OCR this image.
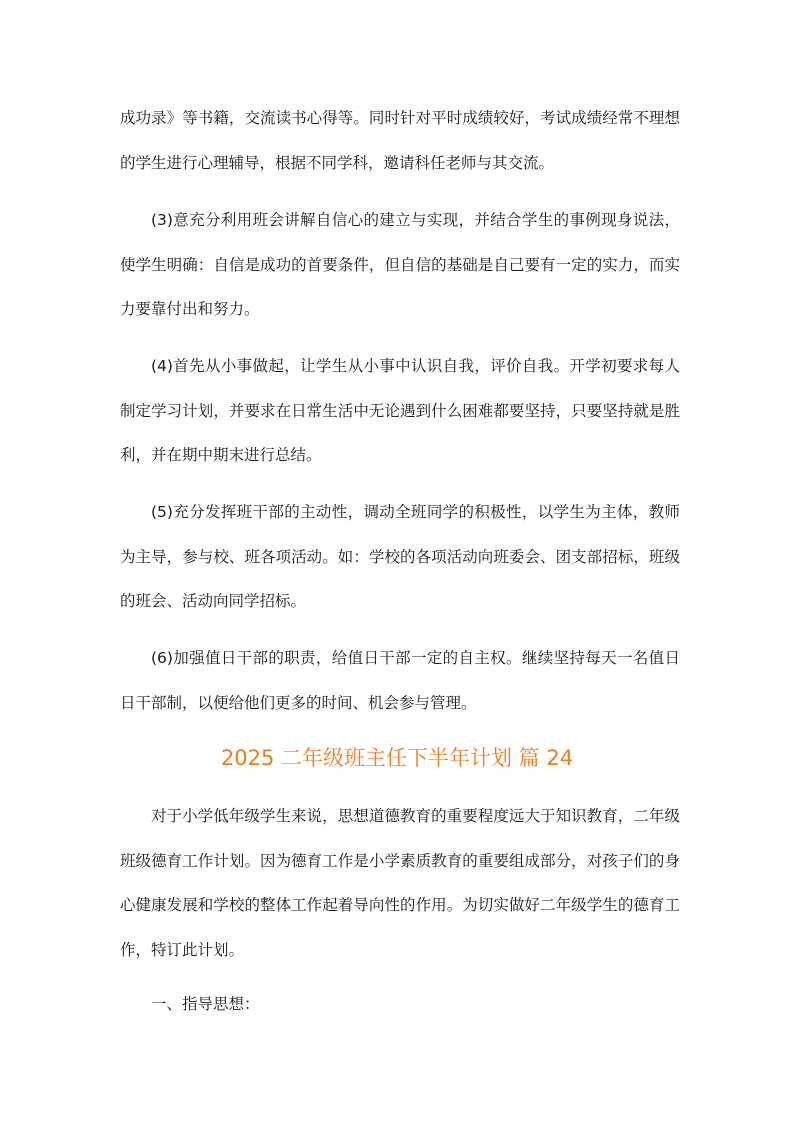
成功录》等书籍，交流读书心得等。同时针对平时成绩较好，考试成绩经常不理想的学生进行心理辅导，根据不同学科，邀请科任老师与其交流。

(3)意充分利用班会讲解自信心的建立与实现，并结合学生的事例现身说法，使学生明确：自信是成功的首要条件，但自信的基础是自己要有一定的实力，而实力要靠付出和努力。

(4)首先从小事做起，让学生从小事中认识自我，评价自我。开学初要求每人制定学习计划，并要求在日常生活中无论遇到什么困难都要坚持，只要坚持就是胜利，并在期中期末进行总结。

(5)充分发挥班干部的主动性，调动全班同学的积极性，以学生为主体，教师为主导，参与校、班各项活动。如：学校的各项活动向班委会、团支部招标，班级的班会、活动向同学招标。

(6)加强值日干部的职责，给值日干部一定的自主权。继续坚持每天一名值日日干部制，以便给他们更多的时间、机会参与管理。

2025 二年级班主任下半年计划 篇 24

对于小学低年级学生来说，思想道德教育的重要程度远大于知识教育，二年级班级德育工作计划。因为德育工作是小学素质教育的重要组成部分，对孩子们的身心健康发展和学校的整体工作起着导向性的作用。为切实做好二年级学生的德育工作，特订此计划。

一、指导思想：
